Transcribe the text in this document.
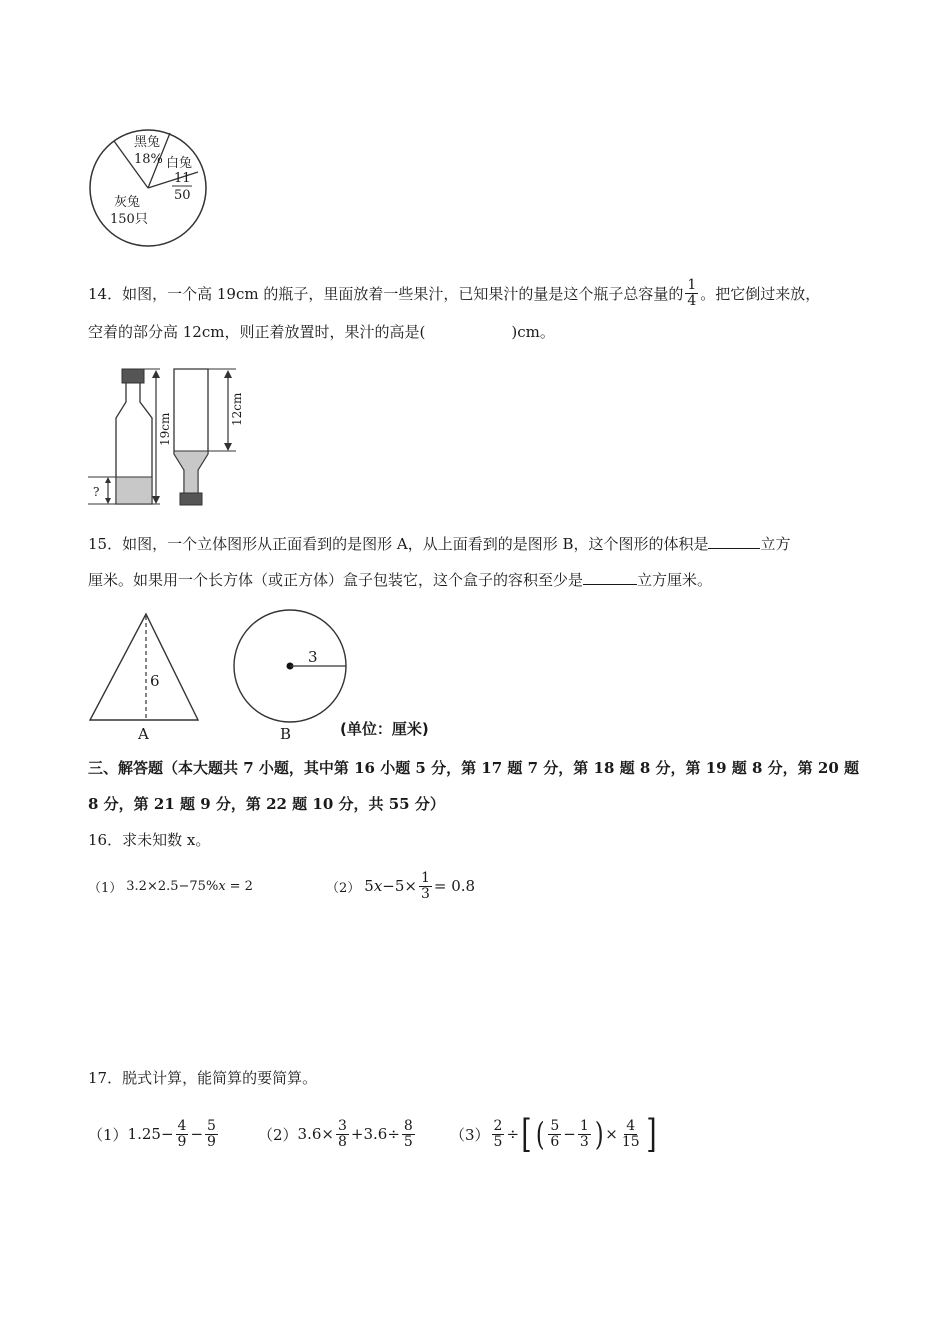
黑兔
18% 白兔
11
50
灰兔
150只
14．如图，一个高 19cm 的瓶子，里面放着一些果汁，已知果汁的量是这个瓶子总容量的 $\frac{1}{4}$ 。把它倒过来放，
空着的部分高 12cm，则正着放置时，果汁的高是(	)cm。
19cm
?
12cm
15．如图，一个立体图形从正面看到的是图形 A，从上面看到的是图形 B，这个图形的体积是	立方
厘米。如果用一个长方体（或正方体）盒子包装它，这个盒子的容积至少是	立方厘米。
6
A
3
B	(单位：厘米)
三、解答题（本大题共 7 小题，其中第 16 小题 5 分，第 17 题 7 分，第 18 题 8 分，第 19 题 8 分，第 20 题
8 分，第 21 题 9 分，第 22 题 10 分，共 55 分）
16．求未知数 x。
（1） 3.2×2.5−75% x = 2	（2） 5 $x -5\times \frac{1}{3} = 0.8$
17．脱式计算，能简算的要简算。
（1） $1.25- \frac{4}{9} - \frac{5}{9}$	（2） $3.6\times \frac{3}{8} +3.6\div \frac{8}{5} (3) \frac{2}{5}$ ÷ [ ( $\frac{5}{6} - \frac{1}{3}$ ) × $\frac{4}{15}$ ]
